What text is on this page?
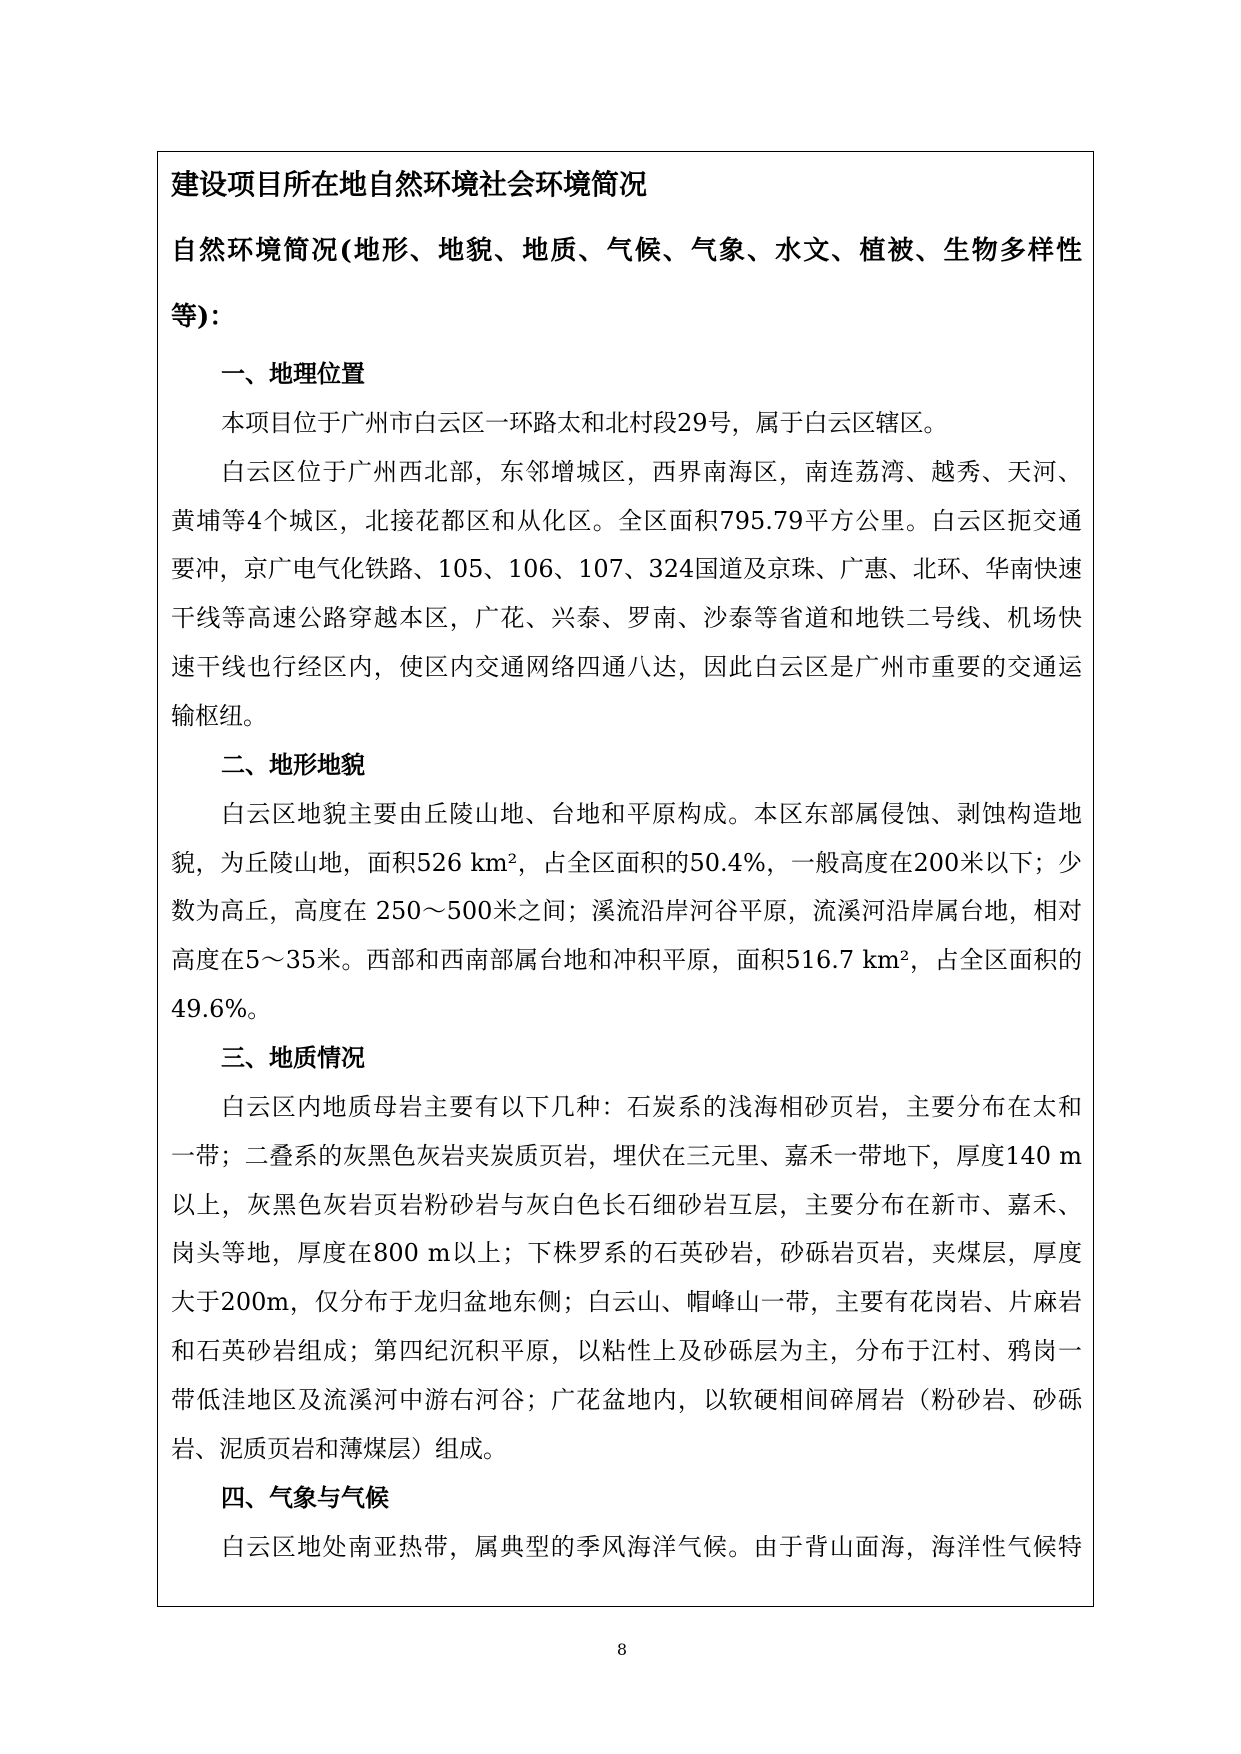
建设项目所在地自然环境社会环境简况
自然环境简况(地形、地貌、地质、气候、气象、水文、植被、生物多样性
等)：
一、地理位置
本项目位于广州市白云区一环路太和北村段29号，属于白云区辖区。
白云区位于广州西北部，东邻增城区，西界南海区，南连荔湾、越秀、天河、
黄埔等4个城区，北接花都区和从化区。全区面积795.79平方公里。白云区扼交通
要冲，京广电气化铁路、105、106、107、324国道及京珠、广惠、北环、华南快速
干线等高速公路穿越本区，广花、兴泰、罗南、沙泰等省道和地铁二号线、机场快
速干线也行经区内，使区内交通网络四通八达，因此白云区是广州市重要的交通运
输枢纽。
二、地形地貌
白云区地貌主要由丘陵山地、台地和平原构成。本区东部属侵蚀、剥蚀构造地
貌，为丘陵山地，面积526 km²，占全区面积的50.4%，一般高度在200米以下；少
数为高丘，高度在 250～500米之间；溪流沿岸河谷平原，流溪河沿岸属台地，相对
高度在5～35米。西部和西南部属台地和冲积平原，面积516.7 km²，占全区面积的
49.6%。
三、地质情况
白云区内地质母岩主要有以下几种：石炭系的浅海相砂页岩，主要分布在太和
一带；二叠系的灰黑色灰岩夹炭质页岩，埋伏在三元里、嘉禾一带地下，厚度140 m
以上，灰黑色灰岩页岩粉砂岩与灰白色长石细砂岩互层，主要分布在新市、嘉禾、
岗头等地，厚度在800 m以上；下株罗系的石英砂岩，砂砾岩页岩，夹煤层，厚度
大于200m，仅分布于龙归盆地东侧；白云山、帽峰山一带，主要有花岗岩、片麻岩
和石英砂岩组成；第四纪沉积平原，以粘性上及砂砾层为主，分布于江村、鸦岗一
带低洼地区及流溪河中游右河谷；广花盆地内，以软硬相间碎屑岩（粉砂岩、砂砾
岩、泥质页岩和薄煤层）组成。
四、气象与气候
白云区地处南亚热带，属典型的季风海洋气候。由于背山面海，海洋性气候特
8
